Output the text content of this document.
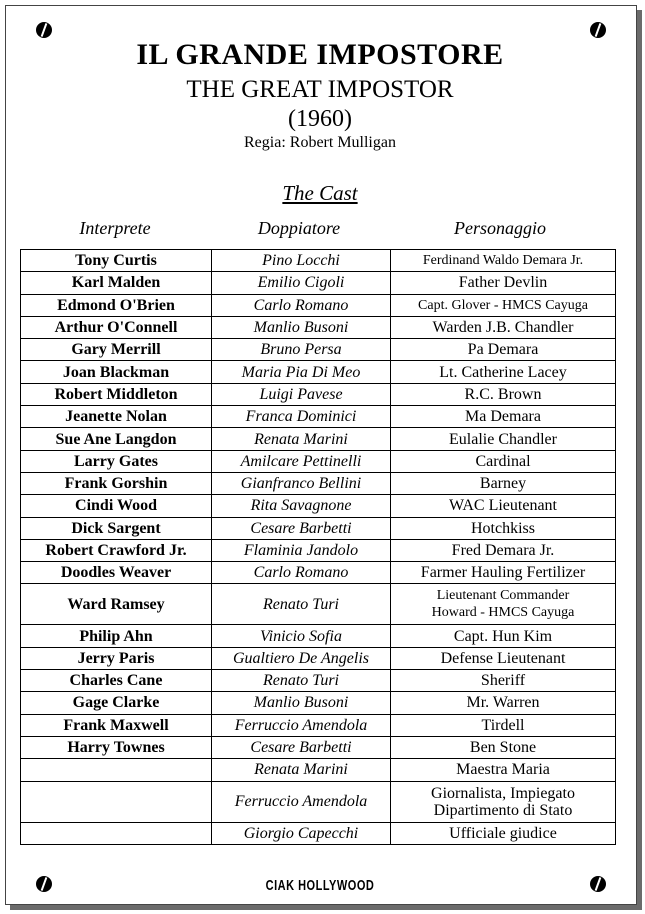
IL GRANDE IMPOSTORE
THE GREAT IMPOSTOR
(1960)
Regia: Robert Mulligan
The Cast
Interprete	Doppiatore	Personaggio
Tony Curtis	Pino Locchi	Ferdinand Waldo Demara Jr.
Karl Malden	Emilio Cigoli	Father Devlin
Edmond O'Brien	Carlo Romano	Capt. Glover - HMCS Cayuga
Arthur O'Connell	Manlio Busoni	Warden J.B. Chandler
Gary Merrill	Bruno Persa	Pa Demara
Joan Blackman	Maria Pia Di Meo	Lt. Catherine Lacey
Robert Middleton	Luigi Pavese	R.C. Brown
Jeanette Nolan	Franca Dominici	Ma Demara
Sue Ane Langdon	Renata Marini	Eulalie Chandler
Larry Gates	Amilcare Pettinelli	Cardinal
Frank Gorshin	Gianfranco Bellini	Barney
Cindi Wood	Rita Savagnone	WAC Lieutenant
Dick Sargent	Cesare Barbetti	Hotchkiss
Robert Crawford Jr.	Flaminia Jandolo	Fred Demara Jr.
Doodles Weaver	Carlo Romano	Farmer Hauling Fertilizer
Ward Ramsey	Renato Turi	Lieutenant Commander
Howard - HMCS Cayuga

Philip Ahn	Vinicio Sofia	Capt. Hun Kim
Jerry Paris	Gualtiero De Angelis	Defense Lieutenant
Charles Cane	Renato Turi	Sheriff
Gage Clarke	Manlio Busoni	Mr. Warren
Frank Maxwell	Ferruccio Amendola	Tirdell
Harry Townes	Cesare Barbetti	Ben Stone
	Renata Marini	Maestra Maria
	Ferruccio Amendola	Giornalista, Impiegato
Dipartimento di Stato

	Giorgio Capecchi	Ufficiale giudice
CIAK HOLLYWOOD
